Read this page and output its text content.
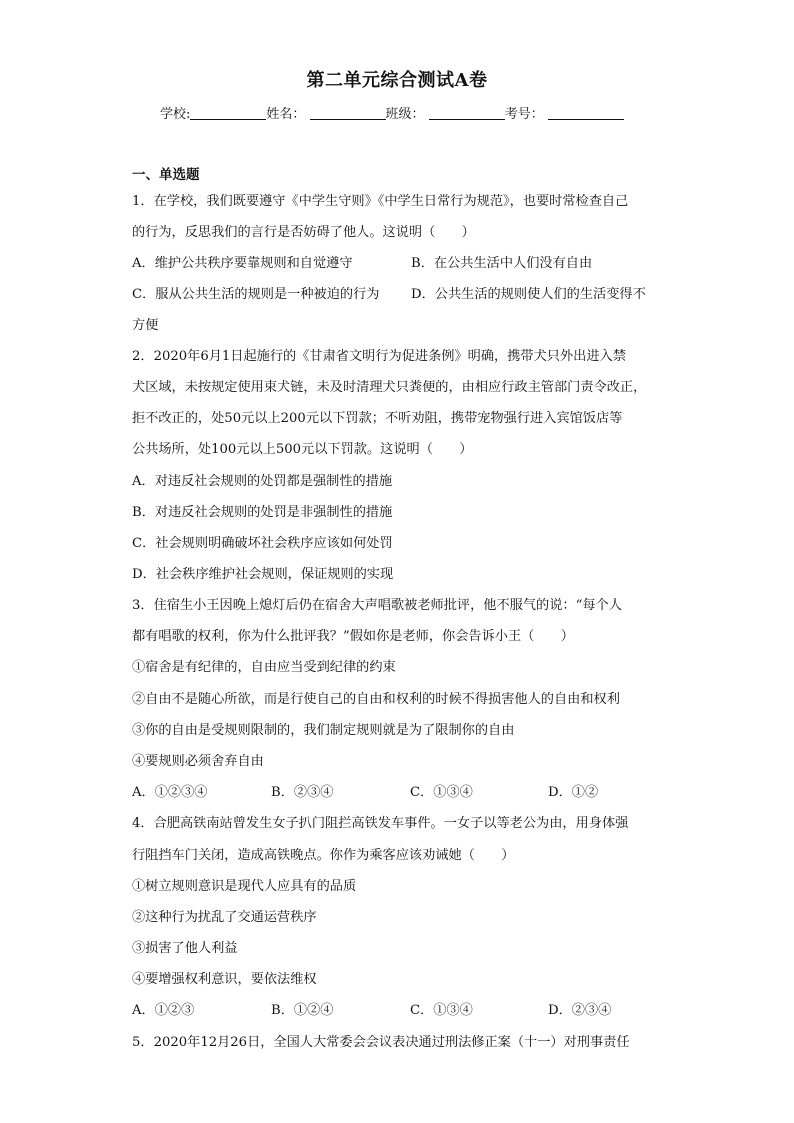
第二单元综合测试A卷
学校:	姓名：	班级：	考号：
一、单选题
1．在学校，我们既要遵守《中学生守则》《中学生日常行为规范》，也要时常检查自己
的行为，反思我们的言行是否妨碍了他人。这说明（　　）
A．维护公共秩序要靠规则和自觉遵守	B．在公共生活中人们没有自由
C．服从公共生活的规则是一种被迫的行为 D．公共生活的规则使人们的生活变得不
方便
2．2020年6月1日起施行的《甘肃省文明行为促进条例》明确，携带犬只外出进入禁
犬区域，未按规定使用束犬链，未及时清理犬只粪便的，由相应行政主管部门责令改正，
拒不改正的，处50元以上200元以下罚款；不听劝阻，携带宠物强行进入宾馆饭店等
公共场所，处100元以上500元以下罚款。这说明（　　）
A．对违反社会规则的处罚都是强制性的措施
B．对违反社会规则的处罚是非强制性的措施
C．社会规则明确破坏社会秩序应该如何处罚
D．社会秩序维护社会规则，保证规则的实现
3．住宿生小王因晚上熄灯后仍在宿舍大声唱歌被老师批评，他不服气的说：“每个人
都有唱歌的权利，你为什么批评我？”假如你是老师，你会告诉小王（　　）
①宿舍是有纪律的，自由应当受到纪律的约束
②自由不是随心所欲，而是行使自己的自由和权利的时候不得损害他人的自由和权利
③你的自由是受规则限制的，我们制定规则就是为了限制你的自由
④要规则必须舍弃自由
A．①②③④	B．②③④	C．①③④	D．①②
4．合肥高铁南站曾发生女子扒门阻拦高铁发车事件。一女子以等老公为由，用身体强
行阻挡车门关闭，造成高铁晚点。你作为乘客应该劝诫她（　　）
①树立规则意识是现代人应具有的品质
②这种行为扰乱了交通运营秩序
③损害了他人利益
④要增强权利意识，要依法维权
A．①②③	B．①②④	C．①③④	D．②③④
5．2020年12月26日，全国人大常委会会议表决通过刑法修正案（十一）对刑事责任
